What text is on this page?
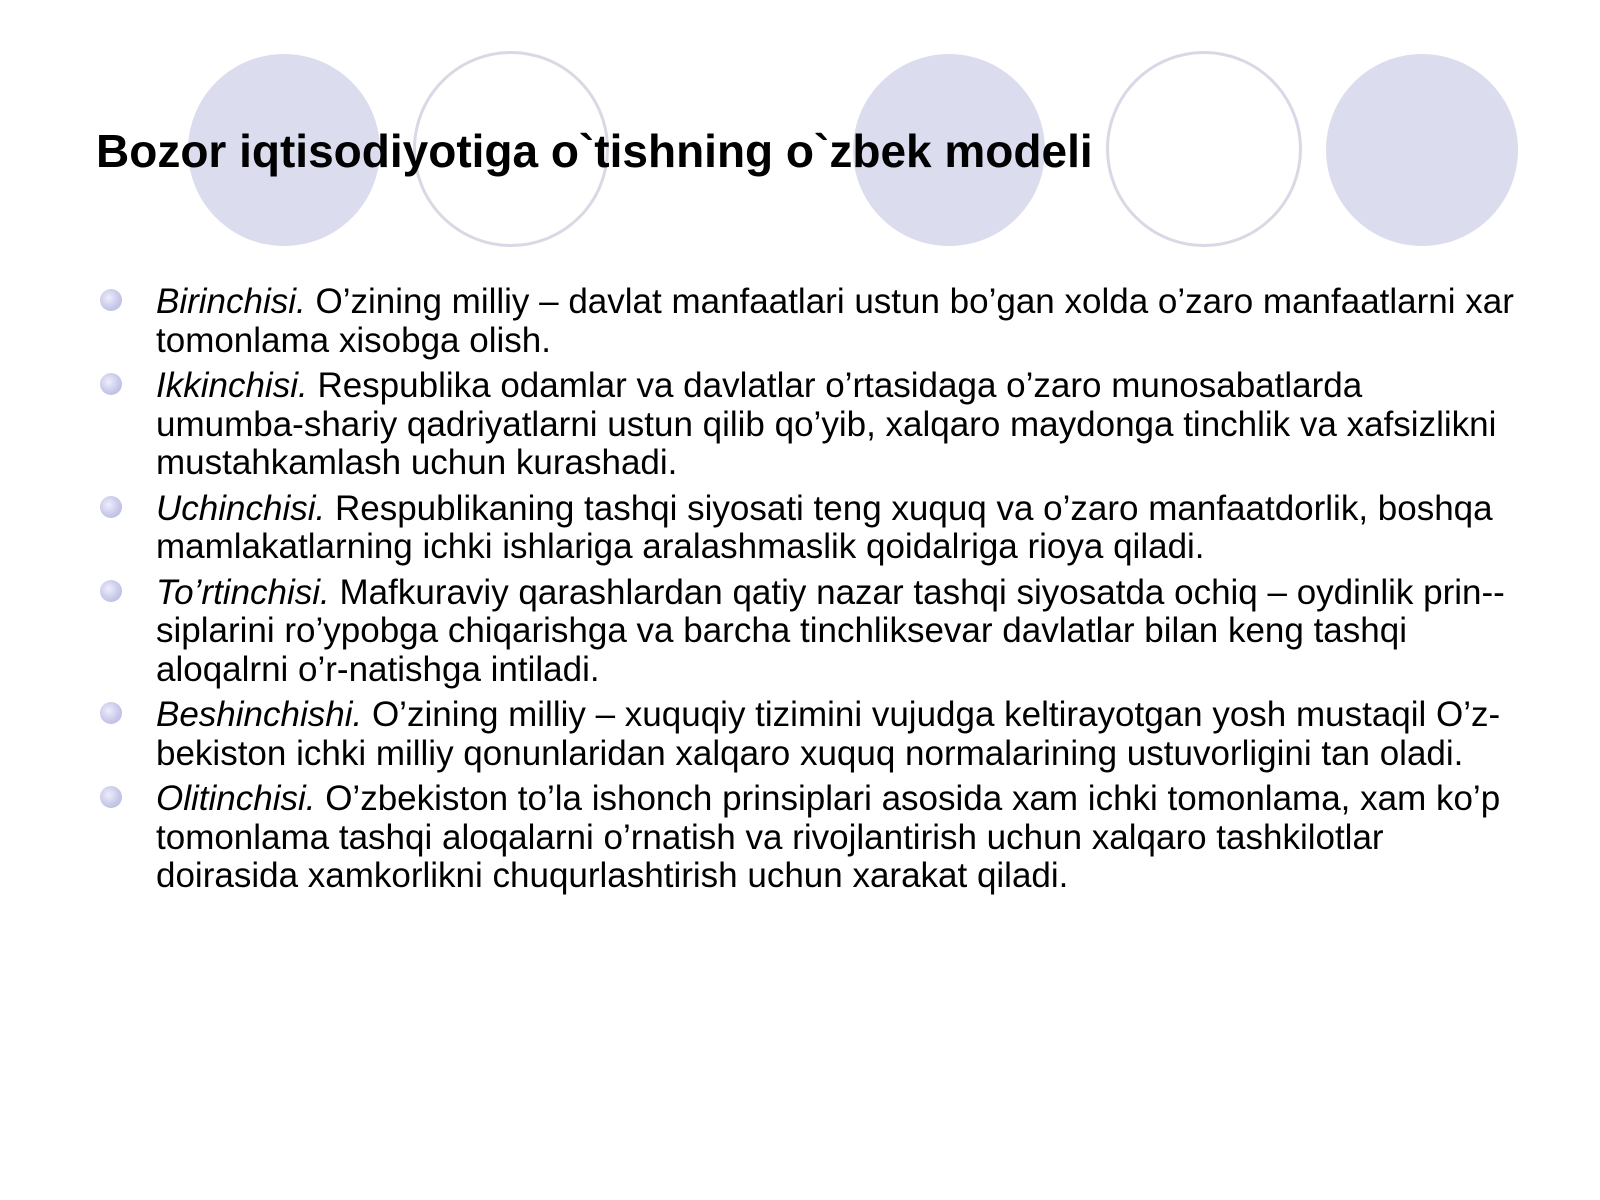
Bozor iqtisodiyotiga o`tishning o`zbek modeli
Birinchisi. O’zining milliy – davlat manfaatlari ustun bo’gan xolda o’zaro manfaatlarni xar tomonlama xisobga olish.
Ikkinchisi. Respublika odamlar va davlatlar o’rtasidaga o’zaro munosabatlarda umumba-shariy qadriyatlarni ustun qilib qo’yib, xalqaro maydonga tinchlik va xafsizlikni mustahkamlash uchun kurashadi.
Uchinchisi. Respublikaning tashqi siyosati teng xuquq va o’zaro manfaatdorlik, boshqa mamlakatlarning ichki ishlariga aralashmaslik qoidalriga rioya qiladi.
To’rtinchisi. Mafkuraviy qarashlardan qatiy nazar tashqi siyosatda ochiq – oydinlik prin--siplarini ro’ypobga chiqarishga va barcha tinchliksevar davlatlar bilan keng tashqi aloqalrni o’r-natishga intiladi.
Beshinchishi. O’zining milliy – xuquqiy tizimini vujudga keltirayotgan yosh mustaqil O’z-bekiston ichki milliy qonunlaridan xalqaro xuquq normalarining ustuvorligini tan oladi.
Olitinchisi. O’zbekiston to’la ishonch prinsiplari asosida xam ichki tomonlama, xam ko’p tomonlama tashqi aloqalarni o’rnatish va rivojlantirish uchun xalqaro tashkilotlar doirasida xamkorlikni chuqurlashtirish uchun xarakat qiladi.
